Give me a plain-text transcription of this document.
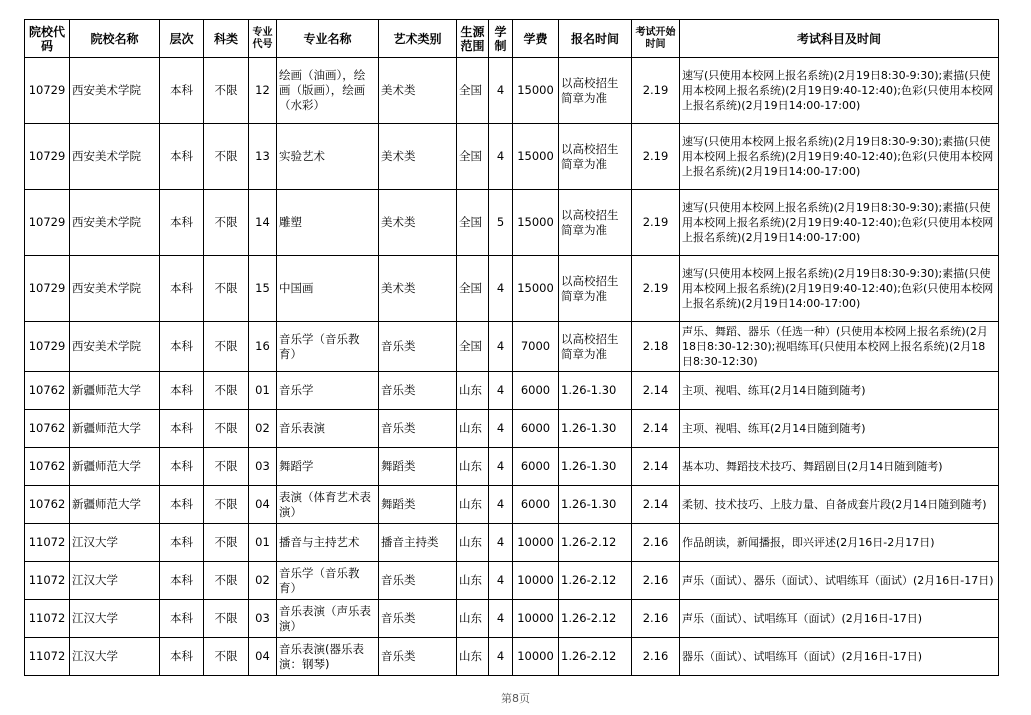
院校代码	院校名称	层次	科类	专业代号	专业名称	艺术类别	生源范围	学制	学费	报名时间	考试开始时间	考试科目及时间
10729	西安美术学院	本科	不限	12	绘画（油画），绘画（版画），绘画（水彩）	美术类	全国	4	15000	以高校招生简章为准	2.19	速写(只使用本校网上报名系统)(2月19日8:30-9:30);素描(只使用本校网上报名系统)(2月19日9:40-12:40);色彩(只使用本校网上报名系统)(2月19日14:00-17:00)
10729	西安美术学院	本科	不限	13	实验艺术	美术类	全国	4	15000	以高校招生简章为准	2.19	速写(只使用本校网上报名系统)(2月19日8:30-9:30);素描(只使用本校网上报名系统)(2月19日9:40-12:40);色彩(只使用本校网上报名系统)(2月19日14:00-17:00)
10729	西安美术学院	本科	不限	14	雕塑	美术类	全国	5	15000	以高校招生简章为准	2.19	速写(只使用本校网上报名系统)(2月19日8:30-9:30);素描(只使用本校网上报名系统)(2月19日9:40-12:40);色彩(只使用本校网上报名系统)(2月19日14:00-17:00)
10729	西安美术学院	本科	不限	15	中国画	美术类	全国	4	15000	以高校招生简章为准	2.19	速写(只使用本校网上报名系统)(2月19日8:30-9:30);素描(只使用本校网上报名系统)(2月19日9:40-12:40);色彩(只使用本校网上报名系统)(2月19日14:00-17:00)
10729	西安美术学院	本科	不限	16	音乐学（音乐教育）	音乐类	全国	4	7000	以高校招生简章为准	2.18	声乐、舞蹈、器乐（任选一种）(只使用本校网上报名系统)(2月18日8:30-12:30);视唱练耳(只使用本校网上报名系统)(2月18日8:30-12:30)
10762	新疆师范大学	本科	不限	01	音乐学	音乐类	山东	4	6000	1.26-1.30	2.14	主项、视唱、练耳(2月14日随到随考)
10762	新疆师范大学	本科	不限	02	音乐表演	音乐类	山东	4	6000	1.26-1.30	2.14	主项、视唱、练耳(2月14日随到随考)
10762	新疆师范大学	本科	不限	03	舞蹈学	舞蹈类	山东	4	6000	1.26-1.30	2.14	基本功、舞蹈技术技巧、舞蹈剧目(2月14日随到随考)
10762	新疆师范大学	本科	不限	04	表演（体育艺术表演）	舞蹈类	山东	4	6000	1.26-1.30	2.14	柔韧、技术技巧、上肢力量、自备成套片段(2月14日随到随考)
11072	江汉大学	本科	不限	01	播音与主持艺术	播音主持类	山东	4	10000	1.26-2.12	2.16	作品朗读，新闻播报，即兴评述(2月16日-2月17日)
11072	江汉大学	本科	不限	02	音乐学（音乐教育）	音乐类	山东	4	10000	1.26-2.12	2.16	声乐（面试）、器乐（面试）、试唱练耳（面试）(2月16日-17日)
11072	江汉大学	本科	不限	03	音乐表演（声乐表演）	音乐类	山东	4	10000	1.26-2.12	2.16	声乐（面试）、试唱练耳（面试）(2月16日-17日)
11072	江汉大学	本科	不限	04	音乐表演(器乐表演：钢琴)	音乐类	山东	4	10000	1.26-2.12	2.16	器乐（面试）、试唱练耳（面试）(2月16日-17日)
第8页
